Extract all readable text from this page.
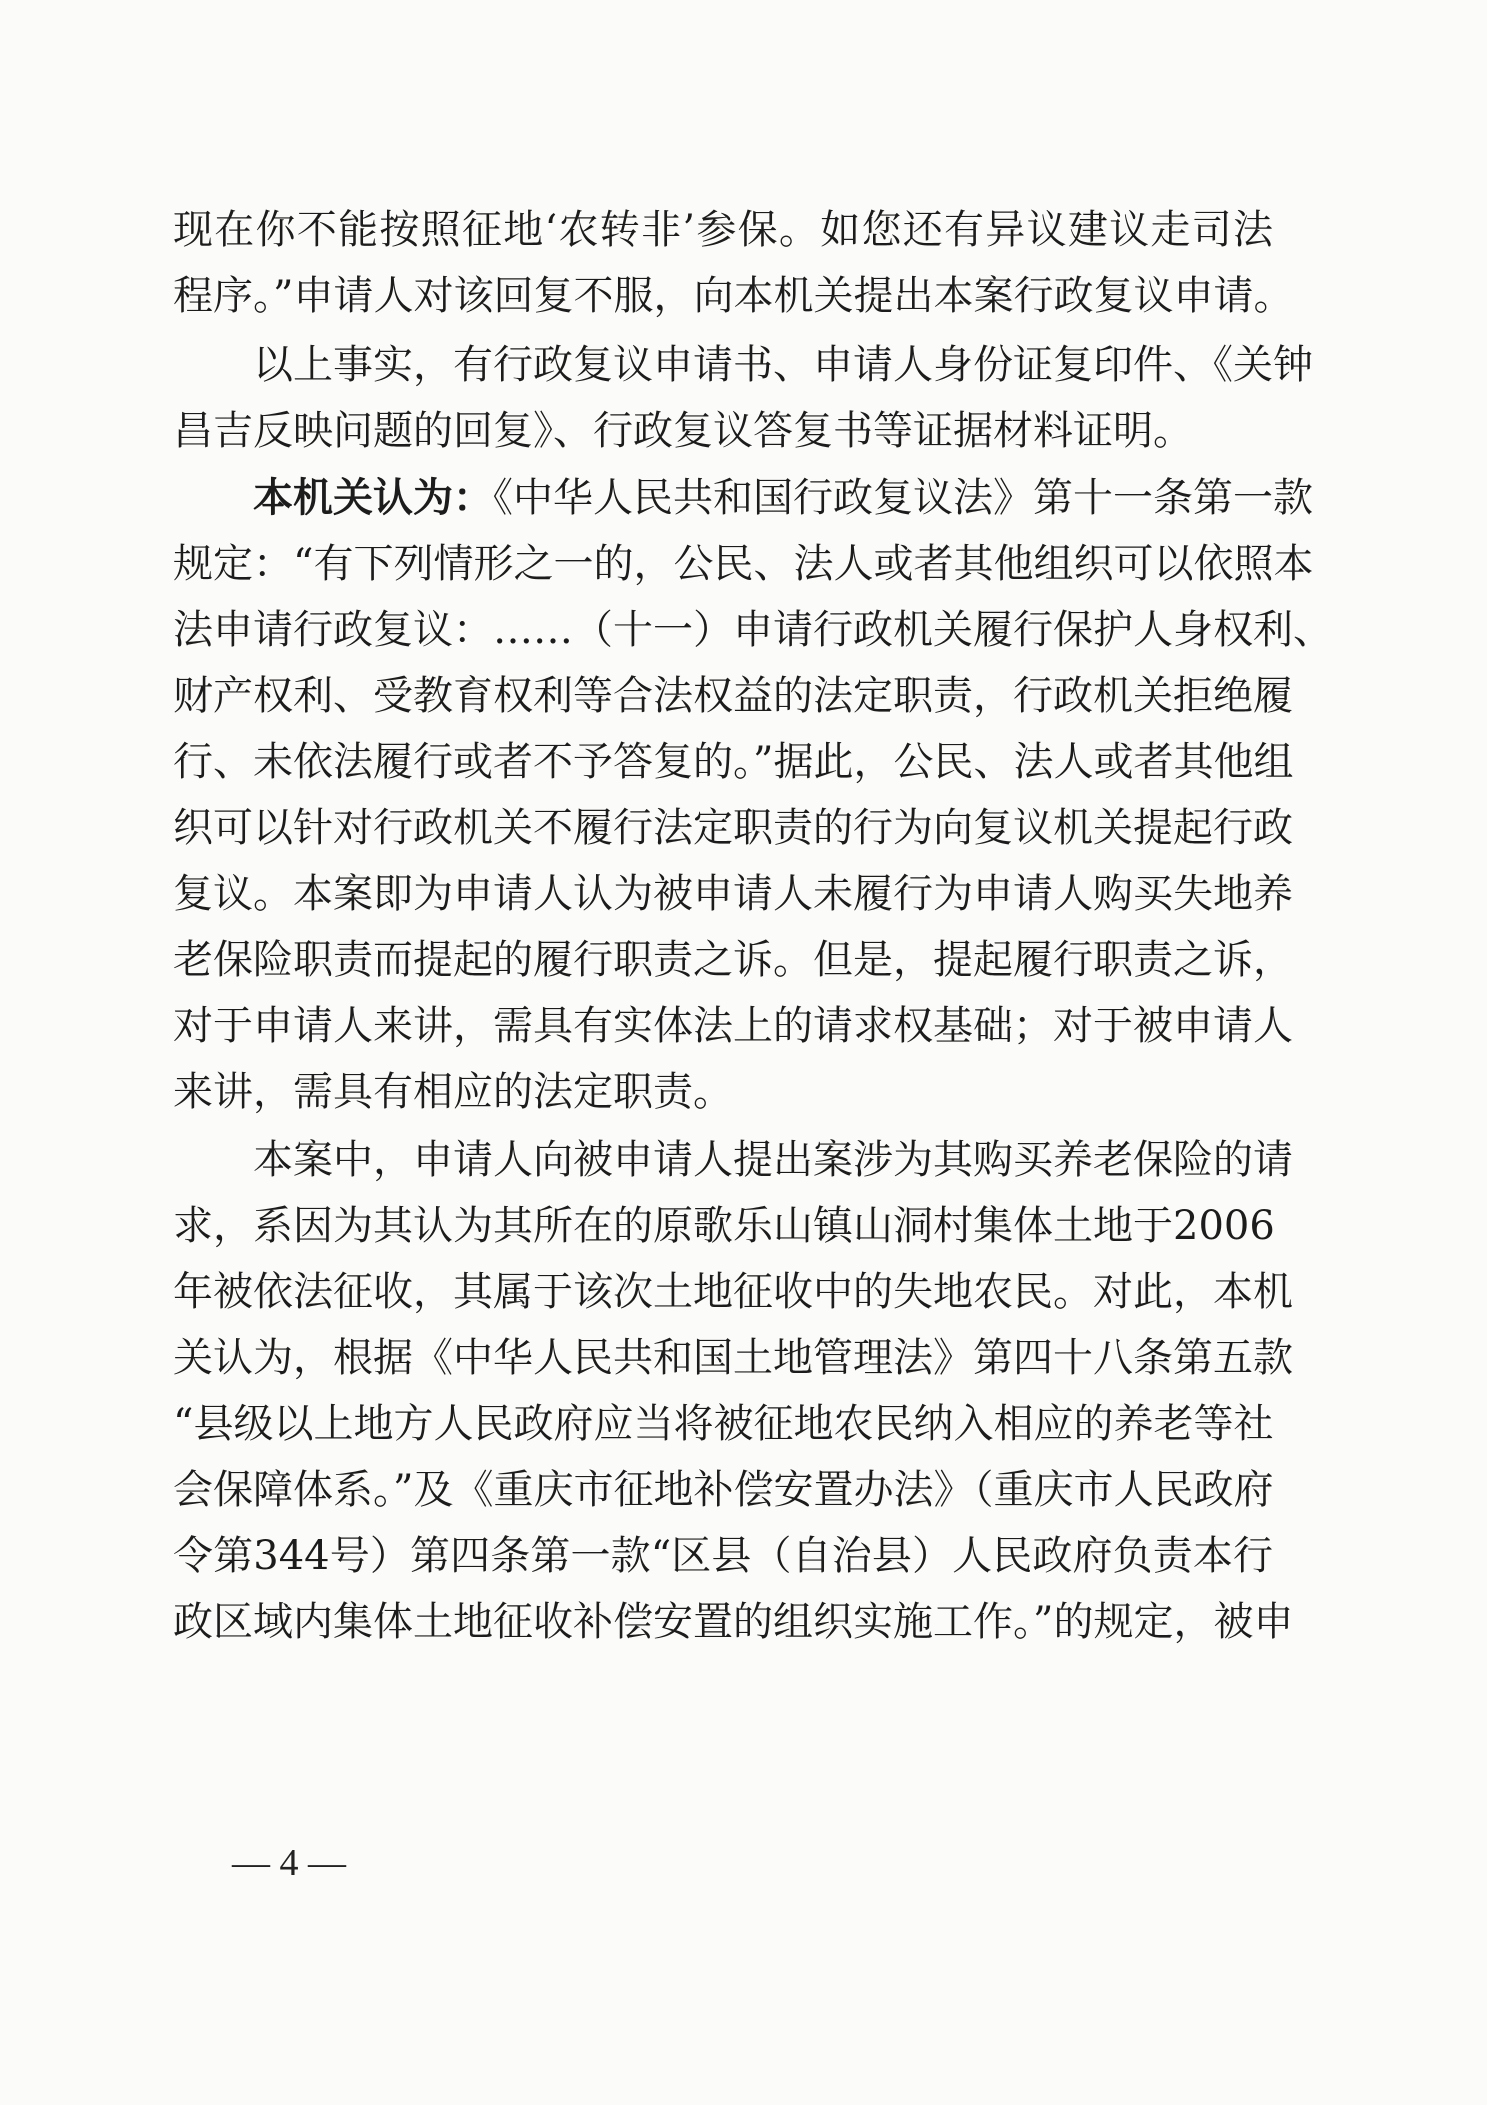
现在你不能按照征地‘农转非’参保。如您还有异议建议走司法
程序。”申请人对该回复不服，向本机关提出本案行政复议申请。
以上事实，有行政复议申请书、申请人身份证复印件、《关钟
昌吉反映问题的回复》、行政复议答复书等证据材料证明。
本机关认为：《中华人民共和国行政复议法》第十一条第一款
规定：“有下列情形之一的，公民、法人或者其他组织可以依照本
法申请行政复议：……（十一）申请行政机关履行保护人身权利、
财产权利、受教育权利等合法权益的法定职责，行政机关拒绝履
行、未依法履行或者不予答复的。”据此，公民、法人或者其他组
织可以针对行政机关不履行法定职责的行为向复议机关提起行政
复议。本案即为申请人认为被申请人未履行为申请人购买失地养
老保险职责而提起的履行职责之诉。但是，提起履行职责之诉，
对于申请人来讲，需具有实体法上的请求权基础；对于被申请人
来讲，需具有相应的法定职责。
本案中，申请人向被申请人提出案涉为其购买养老保险的请
求，系因为其认为其所在的原歌乐山镇山洞村集体土地于2006
年被依法征收，其属于该次土地征收中的失地农民。对此，本机
关认为，根据《中华人民共和国土地管理法》第四十八条第五款
“县级以上地方人民政府应当将被征地农民纳入相应的养老等社
会保障体系。”及《重庆市征地补偿安置办法》（重庆市人民政府
令第344号）第四条第一款“区县（自治县）人民政府负责本行
政区域内集体土地征收补偿安置的组织实施工作。”的规定，被申
— 4 —
